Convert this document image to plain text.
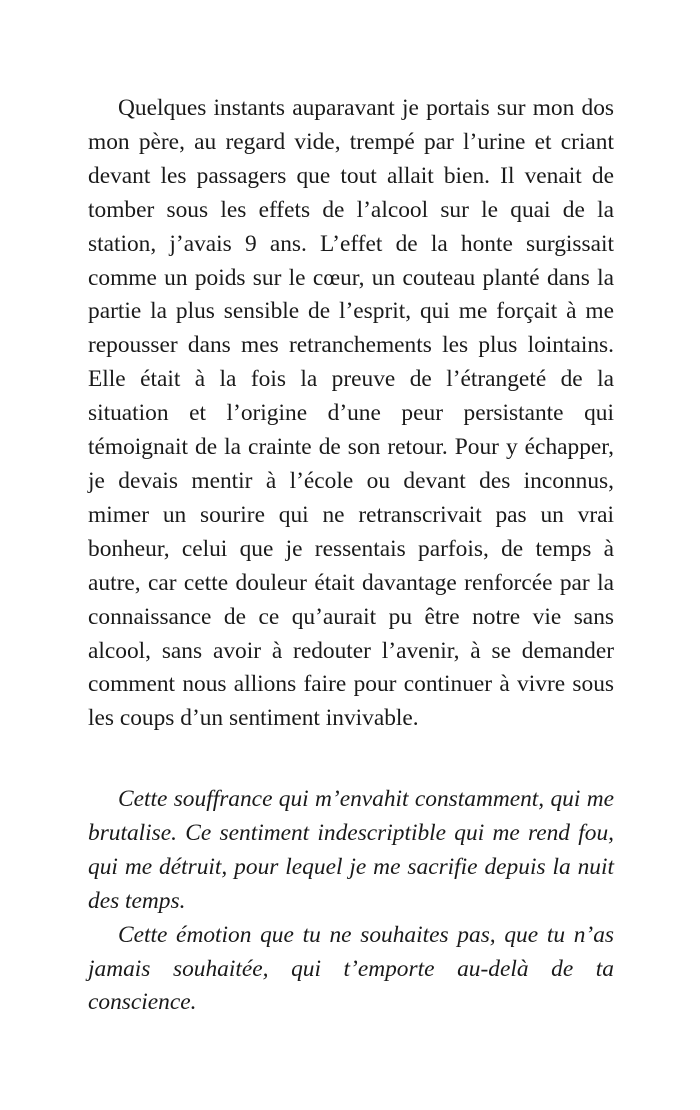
Quelques instants auparavant je portais sur mon dos mon père, au regard vide, trempé par l’urine et criant devant les passagers que tout allait bien. Il venait de tomber sous les effets de l’alcool sur le quai de la station, j’avais 9 ans. L’effet de la honte surgissait comme un poids sur le cœur, un couteau planté dans la partie la plus sensible de l’esprit, qui me forçait à me repousser dans mes retranchements les plus lointains. Elle était à la fois la preuve de l’étrangeté de la situation et l’origine d’une peur persistante qui témoignait de la crainte de son retour. Pour y échapper, je devais mentir à l’école ou devant des inconnus, mimer un sourire qui ne retranscrivait pas un vrai bonheur, celui que je ressentais parfois, de temps à autre, car cette douleur était davantage renforcée par la connaissance de ce qu’aurait pu être notre vie sans alcool, sans avoir à redouter l’avenir, à se demander comment nous allions faire pour continuer à vivre sous les coups d’un sentiment invivable.

Cette souffrance qui m’envahit constamment, qui me brutalise. Ce sentiment indescriptible qui me rend fou, qui me détruit, pour lequel je me sacrifie depuis la nuit des temps.

Cette émotion que tu ne souhaites pas, que tu n’as jamais souhaitée, qui t’emporte au-delà de ta conscience.
